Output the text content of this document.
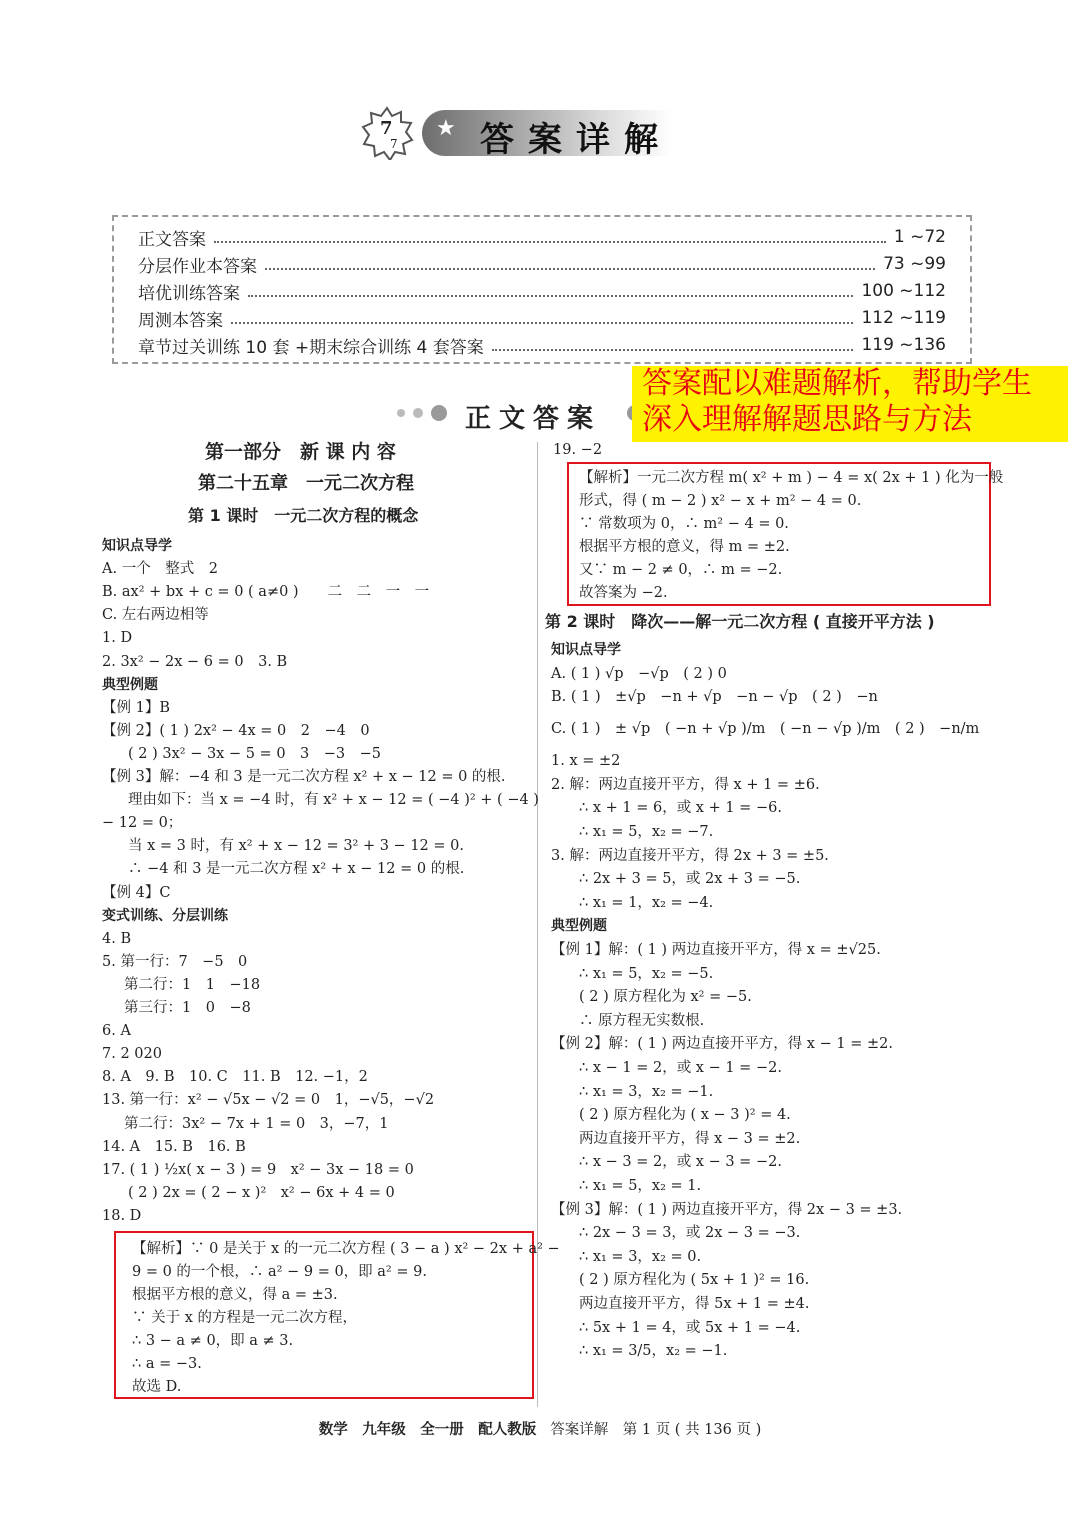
7
7
★ 答案详解
正文答案	1 ~72
分层作业本答案	73 ~99
培优训练答案	100 ~112
周测本答案	112 ~119
章节过关训练 10 套 +期末综合训练 4 套答案	119 ~136
正文答案
答案配以难题解析，帮助学生
深入理解解题思路与方法
第一部分　新 课 内 容
第二十五章　一元二次方程
第 1 课时　一元二次方程的概念
知识点导学
A. 一个　整式　2
B. ax² + bx + c = 0 ( a≠0 )　　二　二　一　一
C. 左右两边相等
1. D
2. 3x² − 2x − 6 = 0　3. B
典型例题
【例 1】B
【例 2】( 1 ) 2x² − 4x = 0　2　−4　0
( 2 ) 3x² − 3x − 5 = 0　3　−3　−5
【例 3】解：−4 和 3 是一元二次方程 x² + x − 12 = 0 的根.
理由如下：当 x = −4 时，有 x² + x − 12 = ( −4 )² + ( −4 )
− 12 = 0；
当 x = 3 时，有 x² + x − 12 = 3² + 3 − 12 = 0.
∴ −4 和 3 是一元二次方程 x² + x − 12 = 0 的根.
【例 4】C
变式训练、分层训练
4. B
5. 第一行：7　−5　0
第二行：1　1　−18
第三行：1　0　−8
6. A
7. 2 020
8. A　9. B　10. C　11. B　12. −1，2
13. 第一行：x² − √5x − √2 = 0　1，−√5，−√2
第二行：3x² − 7x + 1 = 0　3，−7，1
14. A　15. B　16. B
17. ( 1 ) ½x( x − 3 ) = 9　x² − 3x − 18 = 0
( 2 ) 2x = ( 2 − x )²　x² − 6x + 4 = 0
18. D
【解析】∵ 0 是关于 x 的一元二次方程 ( 3 − a ) x² − 2x + a² −
9 = 0 的一个根，∴ a² − 9 = 0，即 a² = 9.
根据平方根的意义，得 a = ±3.
∵ 关于 x 的方程是一元二次方程，
∴ 3 − a ≠ 0，即 a ≠ 3.
∴ a = −3.
故选 D.
19. −2
【解析】一元二次方程 m( x² + m ) − 4 = x( 2x + 1 ) 化为一般
形式，得 ( m − 2 ) x² − x + m² − 4 = 0.
∵ 常数项为 0，∴ m² − 4 = 0.
根据平方根的意义，得 m = ±2.
又∵ m − 2 ≠ 0，∴ m = −2.
故答案为 −2.
第 2 课时　降次——解一元二次方程 ( 直接开平方法 )
知识点导学
A. ( 1 ) √p　−√p　( 2 ) 0
B. ( 1 )　±√p　−n + √p　−n − √p　( 2 )　−n
C. ( 1 )　± √p　( −n + √p )/m　( −n − √p )/m　( 2 )　−n/m
1. x = ±2
2. 解：两边直接开平方，得 x + 1 = ±6.
∴ x + 1 = 6，或 x + 1 = −6.
∴ x₁ = 5，x₂ = −7.
3. 解：两边直接开平方，得 2x + 3 = ±5.
∴ 2x + 3 = 5，或 2x + 3 = −5.
∴ x₁ = 1，x₂ = −4.
典型例题
【例 1】解：( 1 ) 两边直接开平方，得 x = ±√25.
∴ x₁ = 5，x₂ = −5.
( 2 ) 原方程化为 x² = −5.
∴ 原方程无实数根.
【例 2】解：( 1 ) 两边直接开平方，得 x − 1 = ±2.
∴ x − 1 = 2，或 x − 1 = −2.
∴ x₁ = 3，x₂ = −1.
( 2 ) 原方程化为 ( x − 3 )² = 4.
两边直接开平方，得 x − 3 = ±2.
∴ x − 3 = 2，或 x − 3 = −2.
∴ x₁ = 5，x₂ = 1.
【例 3】解：( 1 ) 两边直接开平方，得 2x − 3 = ±3.
∴ 2x − 3 = 3，或 2x − 3 = −3.
∴ x₁ = 3，x₂ = 0.
( 2 ) 原方程化为 ( 5x + 1 )² = 16.
两边直接开平方，得 5x + 1 = ±4.
∴ 5x + 1 = 4，或 5x + 1 = −4.
∴ x₁ = 3/5，x₂ = −1.
数学　九年级　全一册　配人教版 答案详解　第 1 页 ( 共 136 页 )
